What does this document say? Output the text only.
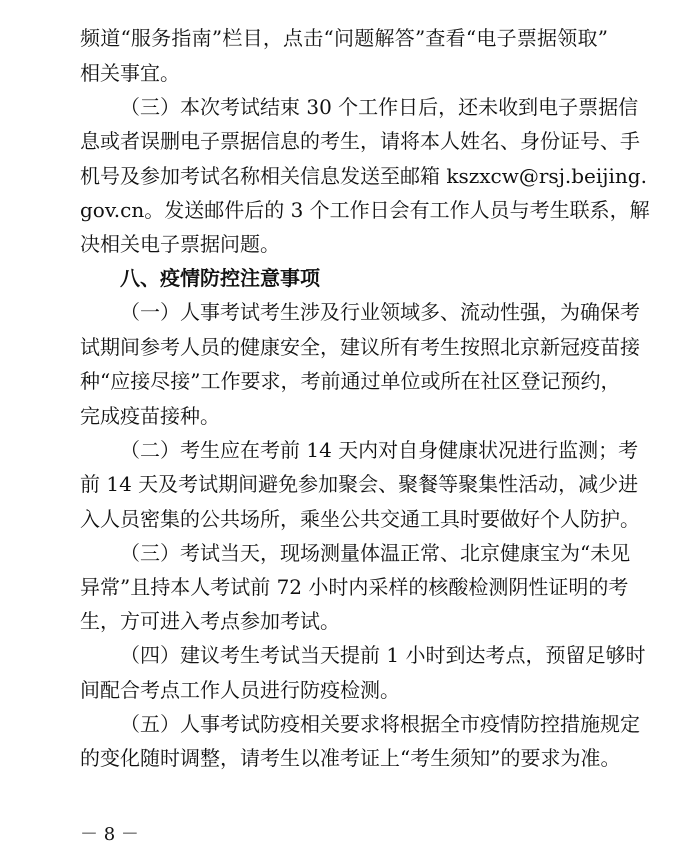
频道“服务指南”栏目，点击“问题解答”查看“电子票据领取”
相关事宜。
（三）本次考试结束 30 个工作日后，还未收到电子票据信
息或者误删电子票据信息的考生，请将本人姓名、身份证号、手
机号及参加考试名称相关信息发送至邮箱 kszxcw@rsj.beijing.
gov.cn。发送邮件后的 3 个工作日会有工作人员与考生联系，解
决相关电子票据问题。
八、疫情防控注意事项
（一）人事考试考生涉及行业领域多、流动性强，为确保考
试期间参考人员的健康安全，建议所有考生按照北京新冠疫苗接
种“应接尽接”工作要求，考前通过单位或所在社区登记预约，
完成疫苗接种。
（二）考生应在考前 14 天内对自身健康状况进行监测；考
前 14 天及考试期间避免参加聚会、聚餐等聚集性活动，减少进
入人员密集的公共场所，乘坐公共交通工具时要做好个人防护。
（三）考试当天，现场测量体温正常、北京健康宝为“未见
异常”且持本人考试前 72 小时内采样的核酸检测阴性证明的考
生，方可进入考点参加考试。
（四）建议考生考试当天提前 1 小时到达考点，预留足够时
间配合考点工作人员进行防疫检测。
（五）人事考试防疫相关要求将根据全市疫情防控措施规定
的变化随时调整，请考生以准考证上“考生须知”的要求为准。
－ 8 －
